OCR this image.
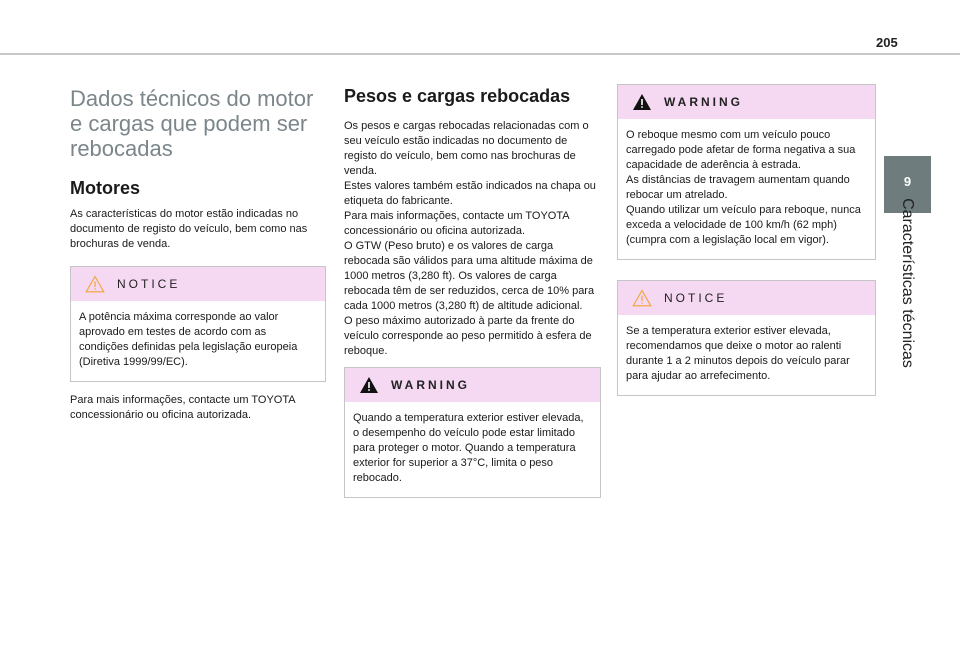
205
9
Características técnicas
Dados técnicos do motor e cargas que podem ser rebocadas
Motores

As características do motor estão indicadas no documento de registo do veículo, bem como nas brochuras de venda.

NOTICE
A potência máxima corresponde ao valor aprovado em testes de acordo com as condições definidas pela legislação europeia (Diretiva 1999/99/EC).

Para mais informações, contacte um TOYOTA concessionário ou oficina autorizada.

Pesos e cargas rebocadas

Os pesos e cargas rebocadas relacionadas com o seu veículo estão indicadas no documento de registo do veículo, bem como nas brochuras de venda.

Estes valores também estão indicados na chapa ou etiqueta do fabricante.

Para mais informações, contacte um TOYOTA concessionário ou oficina autorizada.

O GTW (Peso bruto) e os valores de carga rebocada são válidos para uma altitude máxima de 1000 metros (3,280 ft). Os valores de carga rebocada têm de ser reduzidos, cerca de 10% para cada 1000 metros (3,280 ft) de altitude adicional.

O peso máximo autorizado à parte da frente do veículo corresponde ao peso permitido à esfera de reboque.

WARNING
Quando a temperatura exterior estiver elevada, o desempenho do veículo pode estar limitado para proteger o motor. Quando a temperatura exterior for superior a 37°C, limita o peso rebocado.
WARNING
O reboque mesmo com um veículo pouco carregado pode afetar de forma negativa a sua capacidade de aderência à estrada.
As distâncias de travagem aumentam quando rebocar um atrelado.
Quando utilizar um veículo para reboque, nunca exceda a velocidade de 100 km/h (62 mph) (cumpra com a legislação local em vigor).
NOTICE
Se a temperatura exterior estiver elevada, recomendamos que deixe o motor ao ralenti durante 1 a 2 minutos depois do veículo parar para ajudar ao arrefecimento.
